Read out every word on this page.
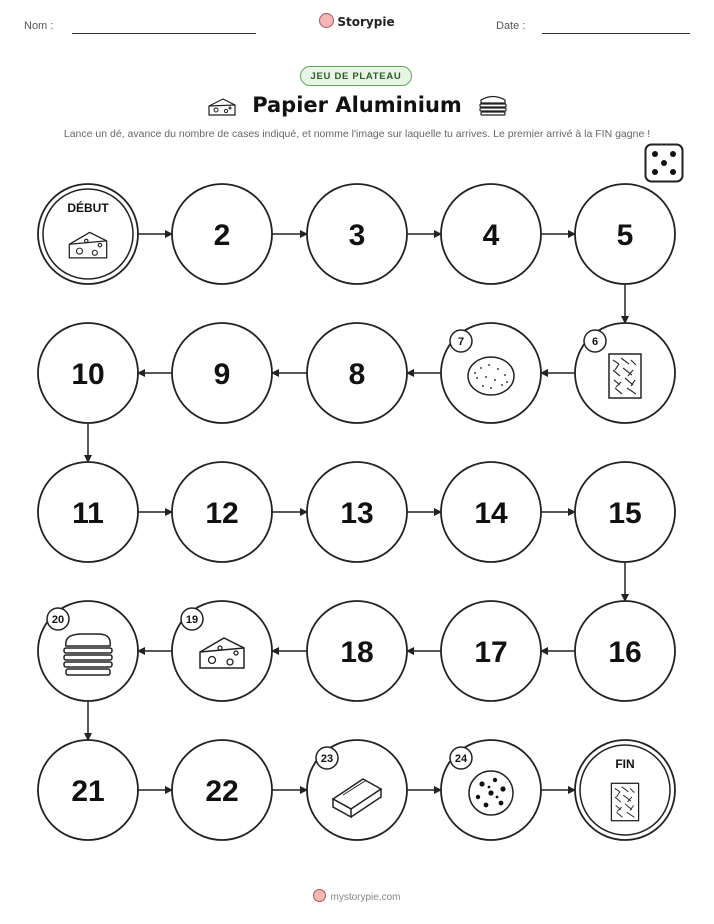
Nom :	Storypie	Date :
JEU DE PLATEAU
Papier Aluminium
Lance un dé, avance du nombre de cases indiqué, et nomme l'image sur laquelle tu arrives. Le premier arrivé à la FIN gagne !
DÉBUT
2	3	4	5
6
7
8
9
10
11	12	13	14	15
16
17
18
19
20
21	22
23	24	FIN
mystorypie.com
